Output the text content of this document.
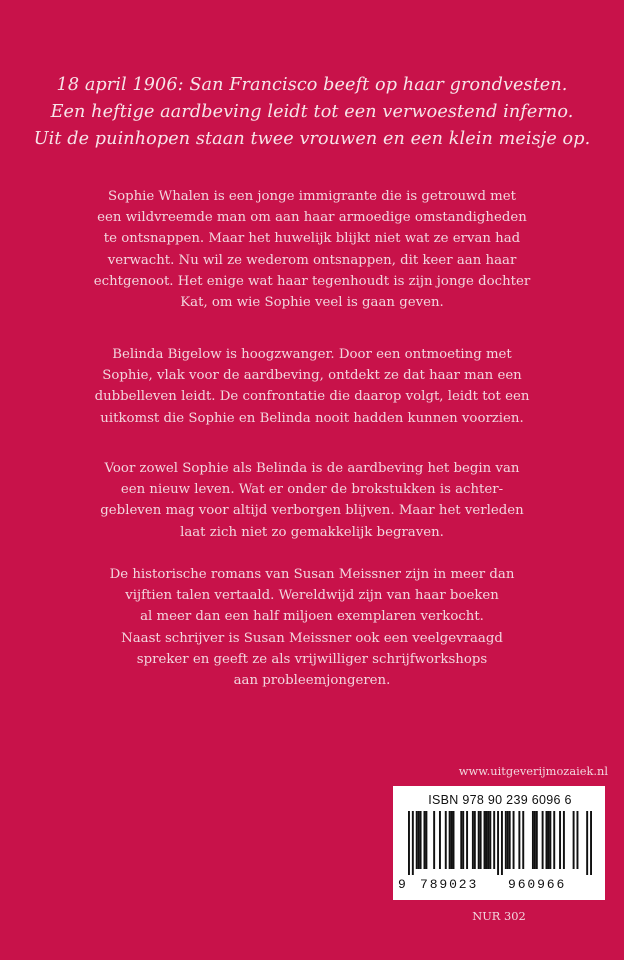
18 april 1906: San Francisco beeft op haar grondvesten.
Een heftige aardbeving leidt tot een verwoestend inferno.
Uit de puinhopen staan twee vrouwen en een klein meisje op.
Sophie Whalen is een jonge immigrante die is getrouwd met
een wildvreemde man om aan haar armoedige omstandigheden
te ontsnappen. Maar het huwelijk blijkt niet wat ze ervan had
verwacht. Nu wil ze wederom ontsnappen, dit keer aan haar
echtgenoot. Het enige wat haar tegenhoudt is zijn jonge dochter
Kat, om wie Sophie veel is gaan geven.
Belinda Bigelow is hoogzwanger. Door een ontmoeting met
Sophie, vlak voor de aardbeving, ontdekt ze dat haar man een
dubbelleven leidt. De confrontatie die daarop volgt, leidt tot een
uitkomst die Sophie en Belinda nooit hadden kunnen voorzien.
Voor zowel Sophie als Belinda is de aardbeving het begin van
een nieuw leven. Wat er onder de brokstukken is achter-
gebleven mag voor altijd verborgen blijven. Maar het verleden
laat zich niet zo gemakkelijk begraven.
De historische romans van Susan Meissner zijn in meer dan
vijftien talen vertaald. Wereldwijd zijn van haar boeken
al meer dan een half miljoen exemplaren verkocht.
Naast schrijver is Susan Meissner ook een veelgevraagd
spreker en geeft ze als vrijwilliger schrijfworkshops
aan probleemjongeren.
www.uitgeverijmozaiek.nl
ISBN 978 90 239 6096 6
9 789023 960966
NUR 302
